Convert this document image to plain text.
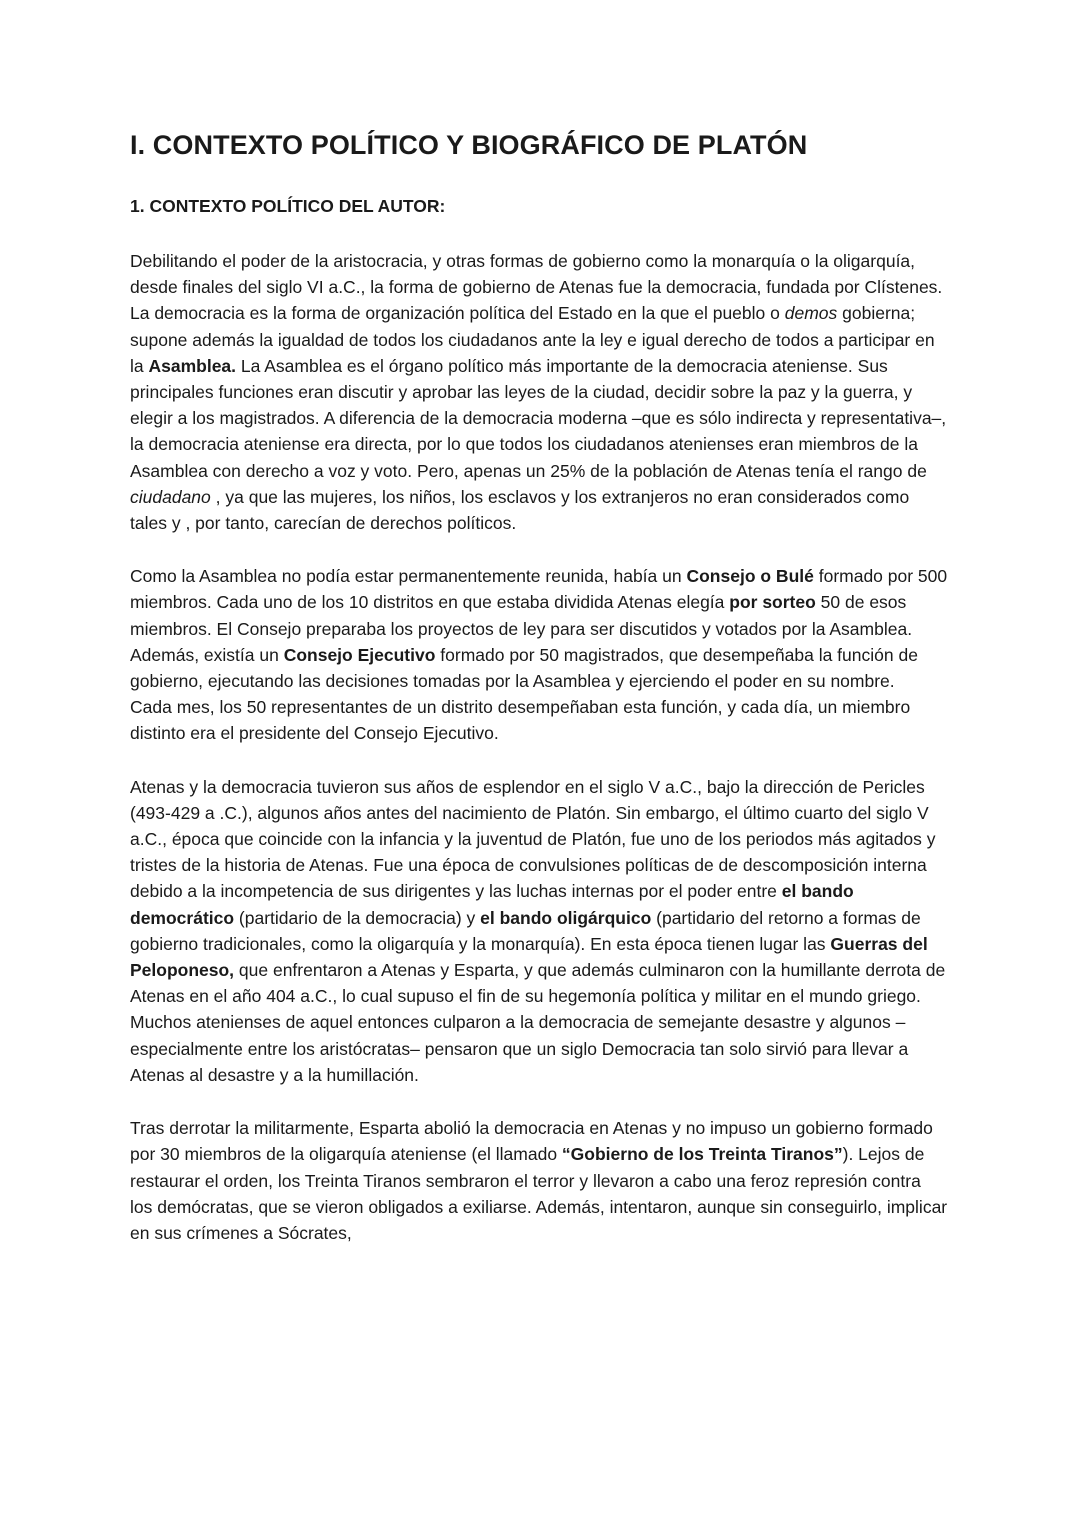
I. CONTEXTO POLÍTICO Y BIOGRÁFICO DE PLATÓN
1. CONTEXTO POLÍTICO DEL AUTOR:

Debilitando el poder de la aristocracia, y otras formas de gobierno como la monarquía o la oligarquía, desde finales del siglo VI a.C., la forma de gobierno de Atenas fue la democracia, fundada por Clístenes. La democracia es la forma de organización política del Estado en la que el pueblo o demos gobierna; supone además la igualdad de todos los ciudadanos ante la ley e igual derecho de todos a participar en la Asamblea. La Asamblea es el órgano político más importante de la democracia ateniense. Sus principales funciones eran discutir y aprobar las leyes de la ciudad, decidir sobre la paz y la guerra, y elegir a los magistrados. A diferencia de la democracia moderna –que es sólo indirecta y representativa–, la democracia ateniense era directa, por lo que todos los ciudadanos atenienses eran miembros de la Asamblea con derecho a voz y voto. Pero, apenas un 25% de la población de Atenas tenía el rango de ciudadano , ya que las mujeres, los niños, los esclavos y los extranjeros no eran considerados como tales y , por tanto, carecían de derechos políticos.

Como la Asamblea no podía estar permanentemente reunida, había un Consejo o Bulé formado por 500 miembros. Cada uno de los 10 distritos en que estaba dividida Atenas elegía por sorteo 50 de esos miembros. El Consejo preparaba los proyectos de ley para ser discutidos y votados por la Asamblea. Además, existía un Consejo Ejecutivo formado por 50 magistrados, que desempeñaba la función de gobierno, ejecutando las decisiones tomadas por la Asamblea y ejerciendo el poder en su nombre.

Cada mes, los 50 representantes de un distrito desempeñaban esta función, y cada día, un miembro distinto era el presidente del Consejo Ejecutivo.

Atenas y la democracia tuvieron sus años de esplendor en el siglo V a.C., bajo la dirección de Pericles (493-429 a .C.), algunos años antes del nacimiento de Platón. Sin embargo, el último cuarto del siglo V a.C., época que coincide con la infancia y la juventud de Platón, fue uno de los periodos más agitados y tristes de la historia de Atenas. Fue una época de convulsiones políticas de de descomposición interna debido a la incompetencia de sus dirigentes y las luchas internas por el poder entre el bando democrático (partidario de la democracia) y el bando oligárquico (partidario del retorno a formas de gobierno tradicionales, como la oligarquía y la monarquía). En esta época tienen lugar las Guerras del Peloponeso, que enfrentaron a Atenas y Esparta, y que además culminaron con la humillante derrota de Atenas en el año 404 a.C., lo cual supuso el fin de su hegemonía política y militar en el mundo griego. Muchos atenienses de aquel entonces culparon a la democracia de semejante desastre y algunos – especialmente entre los aristócratas– pensaron que un siglo Democracia tan solo sirvió para llevar a Atenas al desastre y a la humillación.

Tras derrotar la militarmente, Esparta abolió la democracia en Atenas y no impuso un gobierno formado por 30 miembros de la oligarquía ateniense (el llamado “Gobierno de los Treinta Tiranos”). Lejos de restaurar el orden, los Treinta Tiranos sembraron el terror y llevaron a cabo una feroz represión contra los demócratas, que se vieron obligados a exiliarse. Además, intentaron, aunque sin conseguirlo, implicar en sus crímenes a Sócrates,
